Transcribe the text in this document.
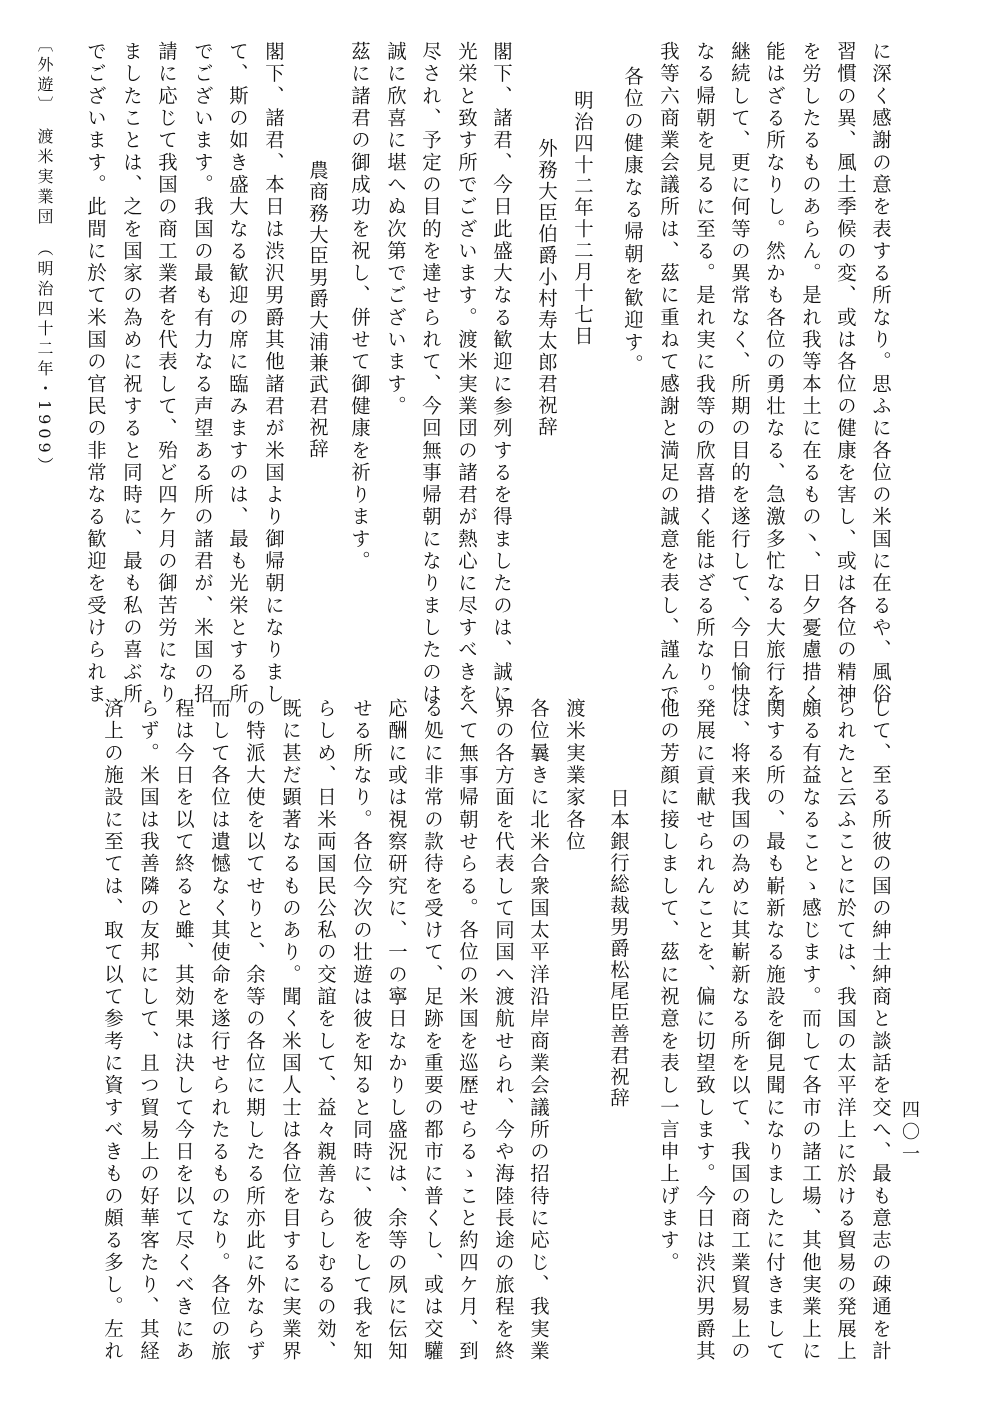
に深く感謝の意を表する所なり。思ふに各位の米国に在るや、風俗
習慣の異、風土季候の変、或は各位の健康を害し、或は各位の精神
を労したるものあらん。是れ我等本土に在るもの丶、日夕憂慮措く
能はざる所なりし。然かも各位の勇壮なる、急激多忙なる大旅行を
継続して、更に何等の異常なく、所期の目的を遂行して、今日愉快
なる帰朝を見るに至る。是れ実に我等の欣喜措く能はざる所なり。
我等六商業会議所は、茲に重ねて感謝と満足の誠意を表し、謹んで
各位の健康なる帰朝を歓迎す。
明治四十二年十二月十七日
外務大臣伯爵小村寿太郎君祝辞
閣下、諸君、今日此盛大なる歓迎に参列するを得ましたのは、誠に
光栄と致す所でございます。渡米実業団の諸君が熱心に尽すべきを
尽され、予定の目的を達せられて、今回無事帰朝になりましたのは
誠に欣喜に堪へぬ次第でございます。
茲に諸君の御成功を祝し、併せて御健康を祈ります。
農商務大臣男爵大浦兼武君祝辞
閣下、諸君、本日は渋沢男爵其他諸君が米国より御帰朝になりまし
て、斯の如き盛大なる歓迎の席に臨みますのは、最も光栄とする所
でございます。我国の最も有力なる声望ある所の諸君が、米国の招
請に応じて我国の商工業者を代表して、殆ど四ケ月の御苦労になり
ましたことは、之を国家の為めに祝すると同時に、最も私の喜ぶ所
でございます。此間に於て米国の官民の非常なる歓迎を受けられま
〔外遊〕　渡米実業団　（明治四十二年・1909）
して、至る所彼の国の紳士紳商と談話を交へ、最も意志の疎通を計
られたと云ふことに於ては、我国の太平洋上に於ける貿易の発展上
頗る有益なることゝ感じます。而して各市の諸工場、其他実業上に
関する所の、最も嶄新なる施設を御見聞になりましたに付きまして
は、将来我国の為めに其嶄新なる所を以て、我国の商工業貿易上の
発展に貢献せられんことを、偏に切望致します。今日は渋沢男爵其
他の芳顔に接しまして、茲に祝意を表し一言申上げます。
日本銀行総裁男爵松尾臣善君祝辞
渡米実業家各位
各位曩きに北米合衆国太平洋沿岸商業会議所の招待に応じ、我実業
界の各方面を代表して同国へ渡航せられ、今や海陸長途の旅程を終
へて無事帰朝せらる。各位の米国を巡歴せらるゝこと約四ケ月、到
る処に非常の款待を受けて、足跡を重要の都市に普くし、或は交驩
応酬に或は視察研究に、一の寧日なかりし盛況は、余等の夙に伝知
せる所なり。各位今次の壮遊は彼を知ると同時に、彼をして我を知
らしめ、日米両国民公私の交誼をして、益々親善ならしむるの効、
既に甚だ顕著なるものあり。聞く米国人士は各位を目するに実業界
の特派大使を以てせりと、余等の各位に期したる所亦此に外ならず
而して各位は遺憾なく其使命を遂行せられたるものなり。各位の旅
程は今日を以て終ると雖、其効果は決して今日を以て尽くべきにあ
らず。米国は我善隣の友邦にして、且つ貿易上の好華客たり、其経
済上の施設に至ては、取て以て参考に資すべきもの頗る多し。左れ	四〇一
